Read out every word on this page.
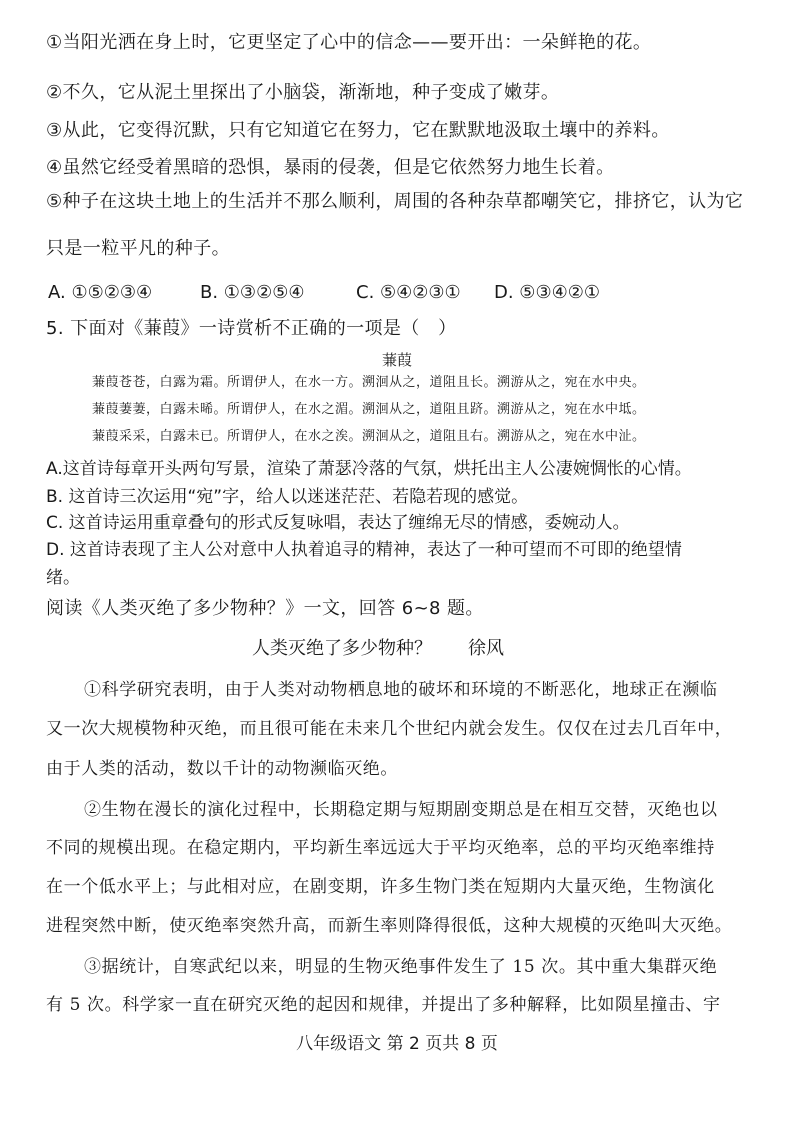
①当阳光洒在身上时，它更坚定了心中的信念——要开出：一朵鲜艳的花。
②不久，它从泥土里探出了小脑袋，渐渐地，种子变成了嫩芽。
③从此，它变得沉默，只有它知道它在努力，它在默默地汲取土壤中的养料。
④虽然它经受着黑暗的恐惧，暴雨的侵袭，但是它依然努力地生长着。
⑤种子在这块土地上的生活并不那么顺利，周围的各种杂草都嘲笑它，排挤它，认为它
只是一粒平凡的种子。
A. ①⑤②③④	B. ①③②⑤④	C. ⑤④②③① D. ⑤③④②①
5. 下面对《蒹葭》一诗赏析不正确的一项是（　）
蒹葭
蒹葭苍苍，白露为霜。所谓伊人，在水一方。溯洄从之，道阻且长。溯游从之，宛在水中央。
蒹葭萋萋，白露未晞。所谓伊人，在水之湄。溯洄从之，道阻且跻。溯游从之，宛在水中坻。
蒹葭采采，白露未已。所谓伊人，在水之涘。溯洄从之，道阻且右。溯游从之，宛在水中沚。
A.这首诗每章开头两句写景，渲染了萧瑟冷落的气氛，烘托出主人公凄婉惆怅的心情。
B. 这首诗三次运用“宛”字，给人以迷迷茫茫、若隐若现的感觉。
C. 这首诗运用重章叠句的形式反复咏唱，表达了缠绵无尽的情感，委婉动人。
D. 这首诗表现了主人公对意中人执着追寻的精神，表达了一种可望而不可即的绝望情
绪。
阅读《人类灭绝了多少物种？》一文，回答 6~8 题。
人类灭绝了多少物种？ 徐风
①科学研究表明，由于人类对动物栖息地的破坏和环境的不断恶化，地球正在濒临
又一次大规模物种灭绝，而且很可能在未来几个世纪内就会发生。仅仅在过去几百年中，
由于人类的活动，数以千计的动物濒临灭绝。
②生物在漫长的演化过程中，长期稳定期与短期剧变期总是在相互交替，灭绝也以
不同的规模出现。在稳定期内，平均新生率远远大于平均灭绝率，总的平均灭绝率维持
在一个低水平上；与此相对应，在剧变期，许多生物门类在短期内大量灭绝，生物演化
进程突然中断，使灭绝率突然升高，而新生率则降得很低，这种大规模的灭绝叫大灭绝。
③据统计，自寒武纪以来，明显的生物灭绝事件发生了 15 次。其中重大集群灭绝
有 5 次。科学家一直在研究灭绝的起因和规律，并提出了多种解释，比如陨星撞击、宇
八年级语文 第 2 页共 8 页
